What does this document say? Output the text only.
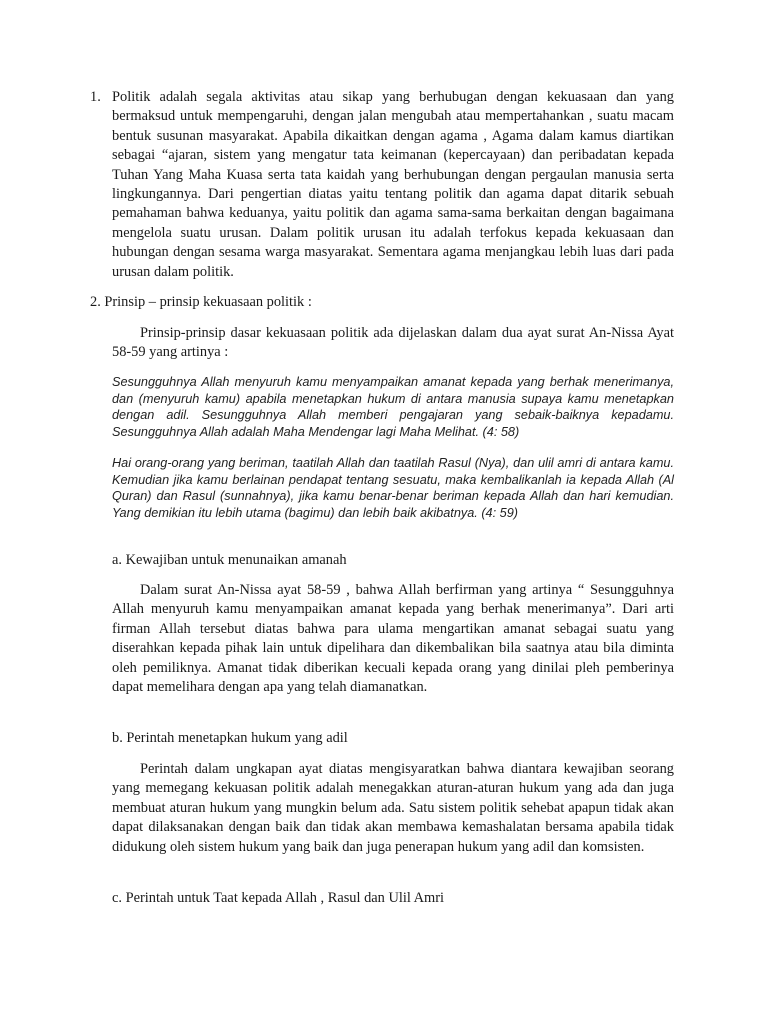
1. Politik adalah segala aktivitas atau sikap yang berhubugan dengan kekuasaan dan yang bermaksud untuk mempengaruhi, dengan jalan mengubah atau mempertahankan , suatu macam bentuk susunan masyarakat. Apabila dikaitkan dengan agama , Agama dalam kamus diartikan sebagai “ajaran, sistem yang mengatur tata keimanan (kepercayaan) dan peribadatan kepada Tuhan Yang Maha Kuasa serta tata kaidah yang berhubungan dengan pergaulan manusia serta lingkungannya. Dari pengertian diatas yaitu tentang politik dan agama dapat ditarik sebuah pemahaman bahwa keduanya, yaitu politik dan agama sama-sama berkaitan dengan bagaimana mengelola suatu urusan. Dalam politik urusan itu adalah terfokus kepada kekuasaan dan hubungan dengan sesama warga masyarakat. Sementara agama menjangkau lebih luas dari pada urusan dalam politik.

2. Prinsip – prinsip kekuasaan politik :

Prinsip-prinsip dasar kekuasaan politik ada dijelaskan dalam dua ayat surat An-Nissa Ayat 58-59 yang artinya :

Sesungguhnya Allah menyuruh kamu menyampaikan amanat kepada yang berhak menerimanya, dan (menyuruh kamu) apabila menetapkan hukum di antara manusia supaya kamu menetapkan dengan adil. Sesungguhnya Allah memberi pengajaran yang sebaik-baiknya kepadamu. Sesungguhnya Allah adalah Maha Mendengar lagi Maha Melihat. (4: 58)

Hai orang-orang yang beriman, taatilah Allah dan taatilah Rasul (Nya), dan ulil amri di antara kamu. Kemudian jika kamu berlainan pendapat tentang sesuatu, maka kembalikanlah ia kepada Allah (Al Quran) dan Rasul (sunnahnya), jika kamu benar-benar beriman kepada Allah dan hari kemudian. Yang demikian itu lebih utama (bagimu) dan lebih baik akibatnya. (4: 59)

a. Kewajiban untuk menunaikan amanah

Dalam surat An-Nissa ayat 58-59 , bahwa Allah berfirman yang artinya “ Sesungguhnya Allah menyuruh kamu menyampaikan amanat kepada yang berhak menerimanya”. Dari arti firman Allah tersebut diatas bahwa para ulama mengartikan amanat sebagai suatu yang diserahkan kepada pihak lain untuk dipelihara dan dikembalikan bila saatnya atau bila diminta oleh pemiliknya. Amanat tidak diberikan kecuali kepada orang yang dinilai pleh pemberinya dapat memelihara dengan apa yang telah diamanatkan.

b. Perintah menetapkan hukum yang adil

Perintah dalam ungkapan ayat diatas mengisyaratkan bahwa diantara kewajiban seorang yang memegang kekuasan politik adalah menegakkan aturan-aturan hukum yang ada dan juga membuat aturan hukum yang mungkin belum ada. Satu sistem politik sehebat apapun tidak akan dapat dilaksanakan dengan baik dan tidak akan membawa kemashalatan bersama apabila tidak didukung oleh sistem hukum yang baik dan juga penerapan hukum yang adil dan komsisten.

c. Perintah untuk Taat kepada Allah , Rasul dan Ulil Amri
